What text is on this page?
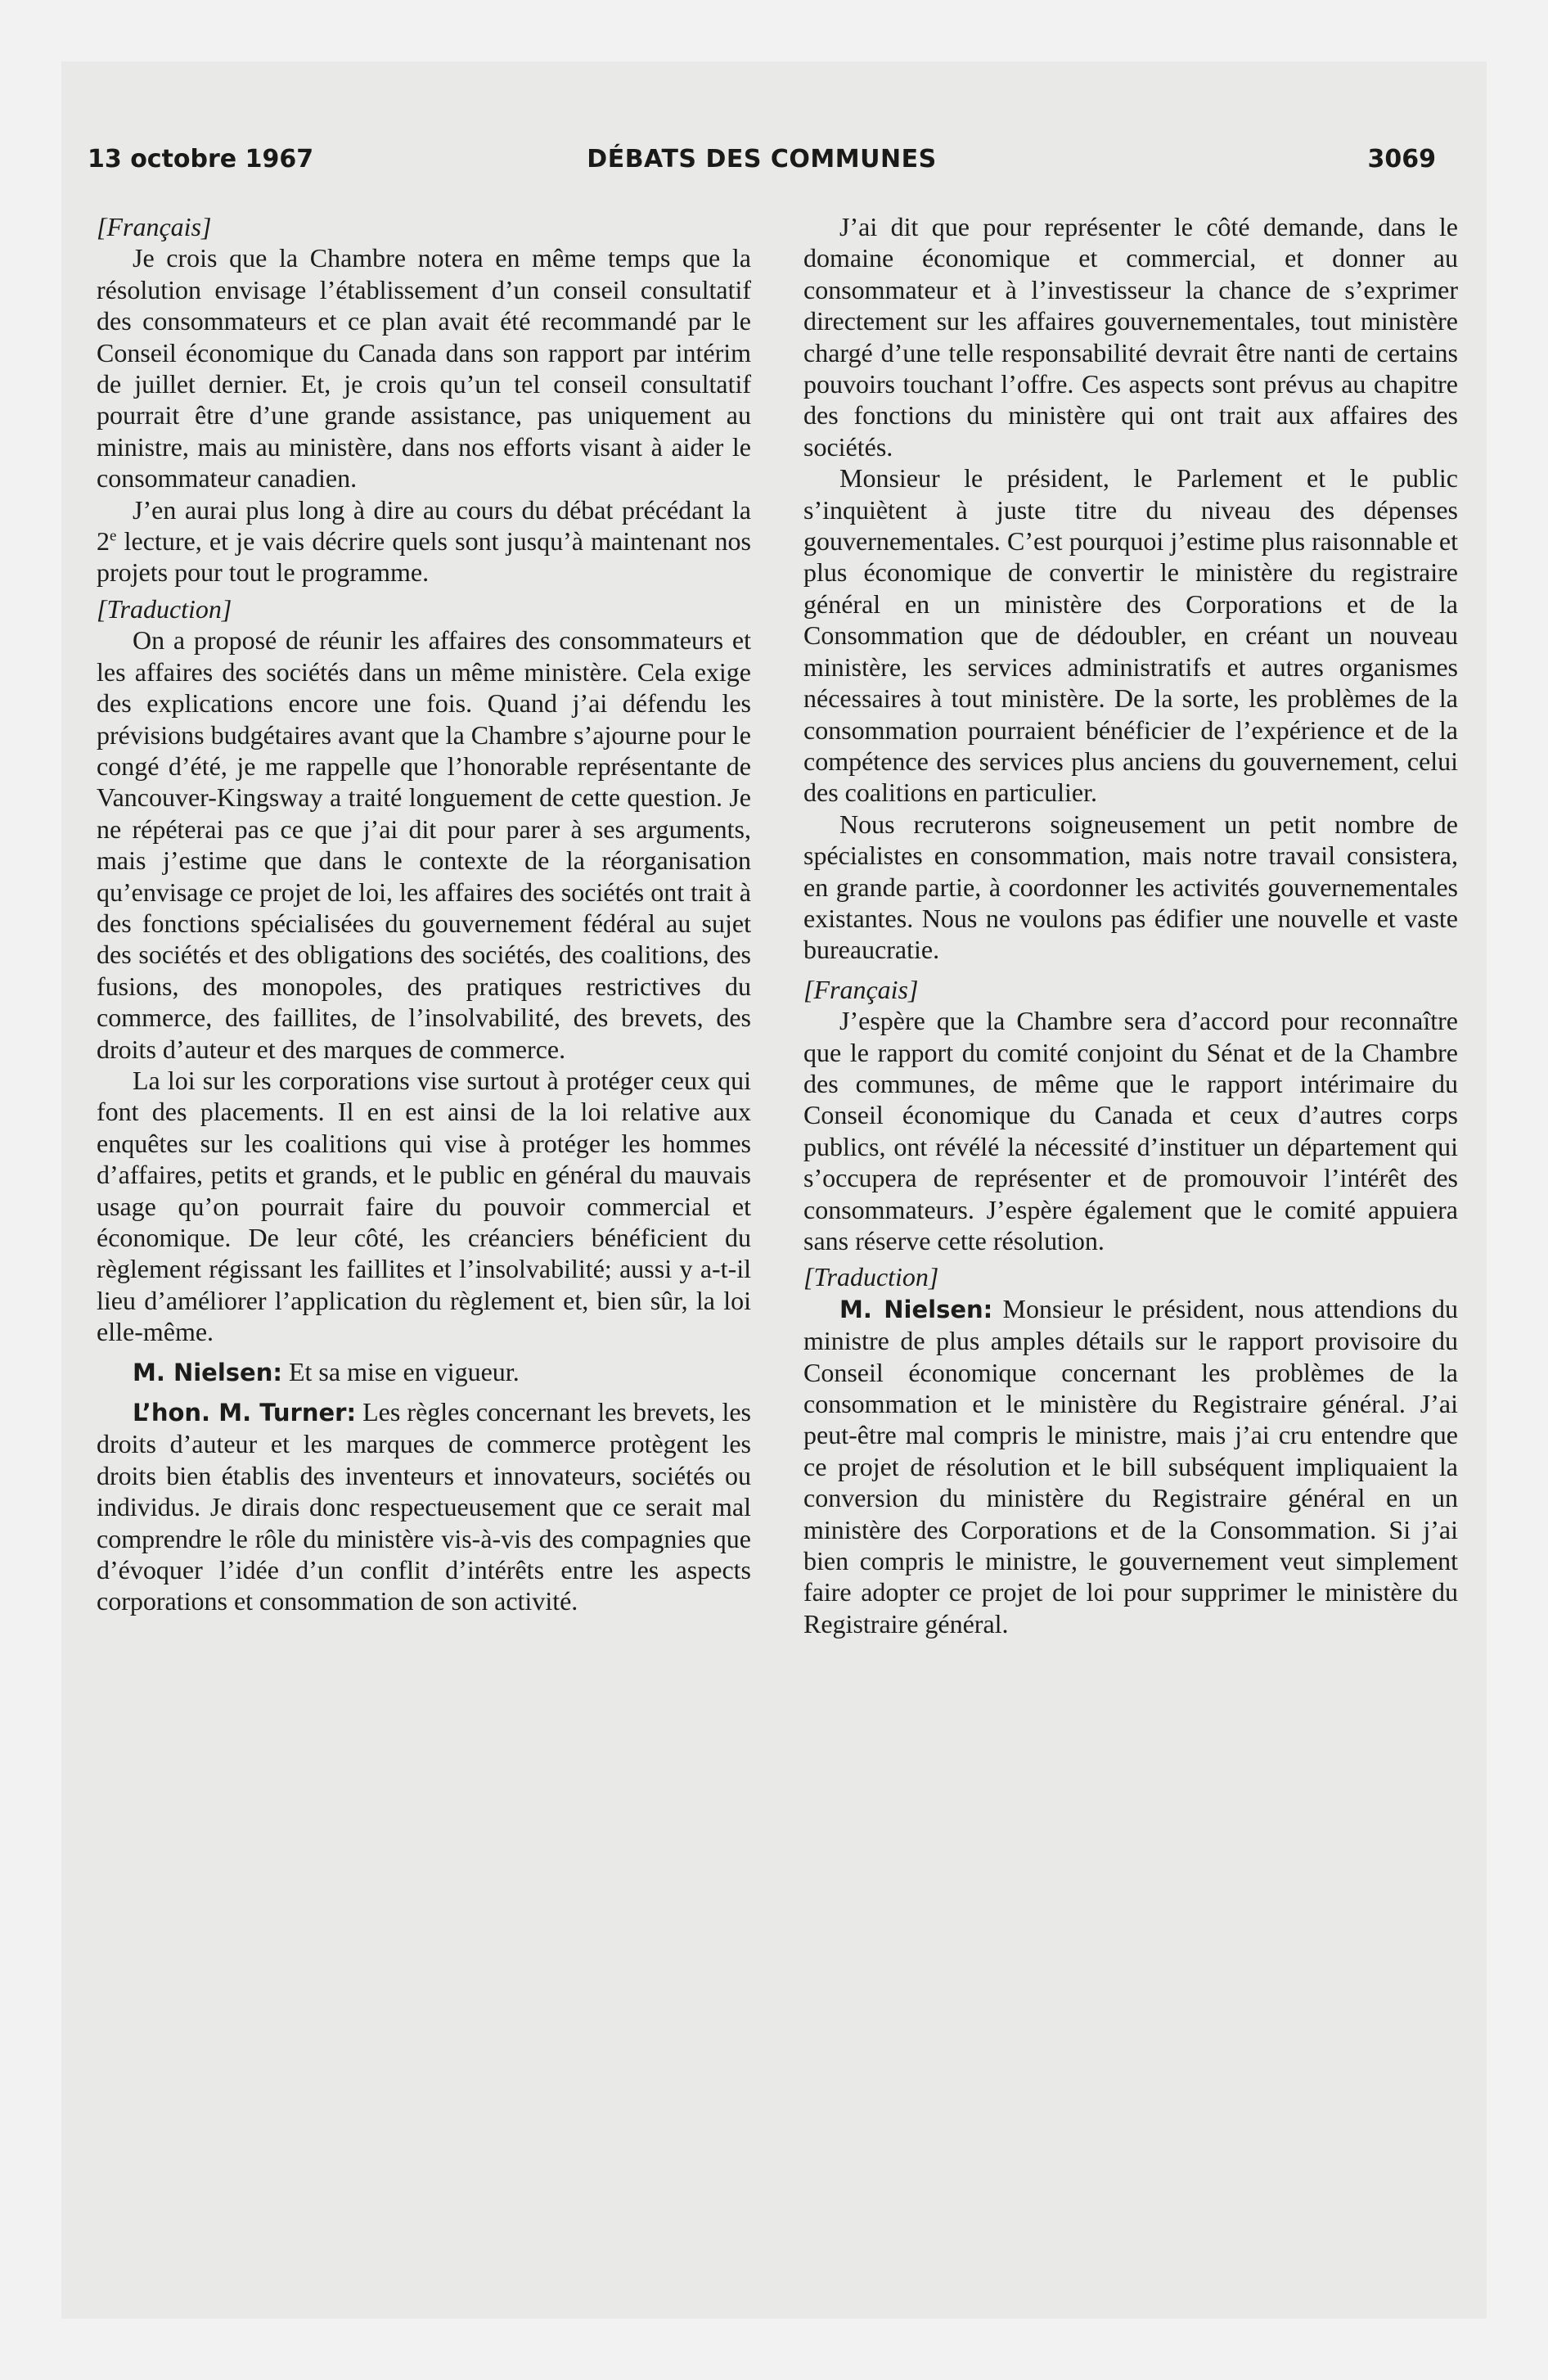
13 octobre 1967	DÉBATS DES COMMUNES	3069

[Français]

Je crois que la Chambre notera en même temps que la résolution envisage l’établissement d’un conseil consultatif des consommateurs et ce plan avait été recommandé par le Conseil économique du Canada dans son rapport par intérim de juillet dernier. Et, je crois qu’un tel conseil consultatif pourrait être d’une grande assistance, pas uniquement au ministre, mais au ministère, dans nos efforts visant à aider le consommateur canadien.

J’en aurai plus long à dire au cours du débat précédant la 2e lecture, et je vais décrire quels sont jusqu’à maintenant nos projets pour tout le programme.

[Traduction]

On a proposé de réunir les affaires des consommateurs et les affaires des sociétés dans un même ministère. Cela exige des explications encore une fois. Quand j’ai défendu les prévisions budgétaires avant que la Chambre s’ajourne pour le congé d’été, je me rappelle que l’honorable représentante de Vancouver-Kingsway a traité longuement de cette question. Je ne répéterai pas ce que j’ai dit pour parer à ses arguments, mais j’estime que dans le contexte de la réorganisation qu’envisage ce projet de loi, les affaires des sociétés ont trait à des fonctions spécialisées du gouvernement fédéral au sujet des sociétés et des obligations des sociétés, des coalitions, des fusions, des monopoles, des pratiques restrictives du commerce, des faillites, de l’insolvabilité, des brevets, des droits d’auteur et des marques de commerce.

La loi sur les corporations vise surtout à protéger ceux qui font des placements. Il en est ainsi de la loi relative aux enquêtes sur les coalitions qui vise à protéger les hommes d’affaires, petits et grands, et le public en général du mauvais usage qu’on pourrait faire du pouvoir commercial et économique. De leur côté, les créanciers bénéficient du règlement régissant les faillites et l’insolvabilité; aussi y a-t-il lieu d’améliorer l’application du règlement et, bien sûr, la loi elle-même.

M. Nielsen: Et sa mise en vigueur.

L’hon. M. Turner: Les règles concernant les brevets, les droits d’auteur et les marques de commerce protègent les droits bien établis des inventeurs et innovateurs, sociétés ou individus. Je dirais donc respectueusement que ce serait mal comprendre le rôle du ministère vis-à-vis des compagnies que d’évoquer l’idée d’un conflit d’intérêts entre les aspects corporations et consommation de son activité.

J’ai dit que pour représenter le côté demande, dans le domaine économique et commercial, et donner au consommateur et à l’investisseur la chance de s’exprimer directement sur les affaires gouvernementales, tout ministère chargé d’une telle responsabilité devrait être nanti de certains pouvoirs touchant l’offre. Ces aspects sont prévus au chapitre des fonctions du ministère qui ont trait aux affaires des sociétés.

Monsieur le président, le Parlement et le public s’inquiètent à juste titre du niveau des dépenses gouvernementales. C’est pourquoi j’estime plus raisonnable et plus économique de convertir le ministère du registraire général en un ministère des Corporations et de la Consommation que de dédoubler, en créant un nouveau ministère, les services administratifs et autres organismes nécessaires à tout ministère. De la sorte, les problèmes de la consommation pourraient bénéficier de l’expérience et de la compétence des services plus anciens du gouvernement, celui des coalitions en particulier.

Nous recruterons soigneusement un petit nombre de spécialistes en consommation, mais notre travail consistera, en grande partie, à coordonner les activités gouvernementales existantes. Nous ne voulons pas édifier une nouvelle et vaste bureaucratie.

[Français]

J’espère que la Chambre sera d’accord pour reconnaître que le rapport du comité conjoint du Sénat et de la Chambre des communes, de même que le rapport intérimaire du Conseil économique du Canada et ceux d’autres corps publics, ont révélé la nécessité d’instituer un département qui s’occupera de représenter et de promouvoir l’intérêt des consommateurs. J’espère également que le comité appuiera sans réserve cette résolution.

[Traduction]

M. Nielsen: Monsieur le président, nous attendions du ministre de plus amples détails sur le rapport provisoire du Conseil économique concernant les problèmes de la consommation et le ministère du Registraire général. J’ai peut-être mal compris le ministre, mais j’ai cru entendre que ce projet de résolution et le bill subséquent impliquaient la conversion du ministère du Registraire général en un ministère des Corporations et de la Consommation. Si j’ai bien compris le ministre, le gouvernement veut simplement faire adopter ce projet de loi pour supprimer le ministère du Registraire général.
